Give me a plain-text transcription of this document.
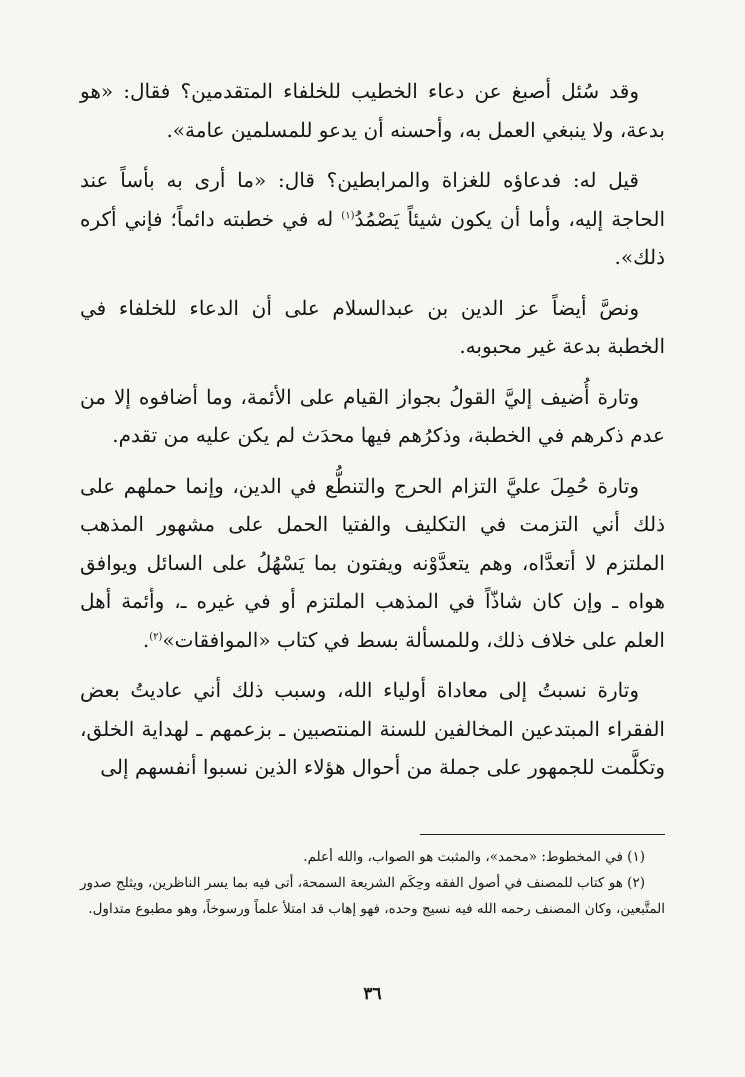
وقد سُئل أصبغ عن دعاء الخطيب للخلفاء المتقدمين؟ فقال: «هو بدعة، ولا ينبغي العمل به، وأحسنه أن يدعو للمسلمين عامة».

قيل له: فدعاؤه للغزاة والمرابطين؟ قال: «ما أرى به بأساً عند الحاجة إليه، وأما أن يكون شيئاً يَصْمُدُ$^{(١)}$ له في خطبته دائماً؛ فإني أكره ذلك».

ونصَّ أيضاً عز الدين بن عبدالسلام على أن الدعاء للخلفاء في الخطبة بدعة غير محبوبه.

وتارة أُضيف إليَّ القولُ بجواز القيام على الأئمة، وما أضافوه إلا من عدم ذكرهم في الخطبة، وذكرُهم فيها محدَث لم يكن عليه من تقدم.

وتارة حُمِلَ عليَّ التزام الحرج والتنطُّع في الدين، وإنما حملهم على ذلك أني التزمت في التكليف والفتيا الحمل على مشهور المذهب الملتزم لا أتعدَّاه، وهم يتعدَّوْنه ويفتون بما يَسْهُلُ على السائل ويوافق هواه ـ وإن كان شاذّاً في المذهب الملتزم أو في غيره ـ، وأئمة أهل العلم على خلاف ذلك، وللمسألة بسط في كتاب «الموافقات»$^{(٢)}$.

وتارة نسبتُ إلى معاداة أولياء الله، وسبب ذلك أني عاديتُ بعض الفقراء المبتدعين المخالفين للسنة المنتصبين ـ بزعمهم ـ لهداية الخلق، وتكلَّمت للجمهور على جملة من أحوال هؤلاء الذين نسبوا أنفسهم إلى

(١) في المخطوط: «محمد»، والمثبت هو الصواب، والله أعلم.

(٢) هو كتاب للمصنف في أصول الفقه وحِكَم الشريعة السمحة، أتى فيه بما يسر الناظرين، ويثلج صدور المتَّبعين، وكان المصنف رحمه الله فيه نسيج وحده، فهو إهاب قد امتلأ علماً ورسوخاً، وهو مطبوع متداول.

٣٦
